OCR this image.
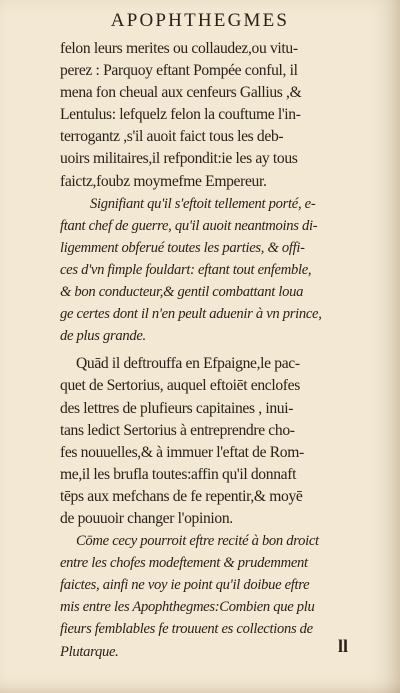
APOPHTHEGMES
felon leurs merites ou collaudez,ou vitu-
perez : Parquoy eftant Pompée conful, il
mena fon cheual aux cenfeurs Gallius ,&
Lentulus: lefquelz felon la couftume l'in-
terrogantz ,s'il auoit faict tous les deb-
uoirs militaires,il refpondit:ie les ay tous
faictz,foubz moymefme Empereur.
Signifiant qu'il s'eftoit tellement porté, e-
ftant chef de guerre, qu'il auoit neantmoins di-
ligemment obferué toutes les parties, & offi-
ces d'vn fimple fouldart: eftant tout enfemble,
& bon conducteur,& gentil combattant loua
ge certes dont il n'en peult aduenir à vn prince,
de plus grande.
Quād il deftrouffa en Efpaigne,le pac-
quet de Sertorius, auquel eftoiēt enclofes
des lettres de plufieurs capitaines , inui-
tans ledict Sertorius à entreprendre cho-
fes nouuelles,& à immuer l'eftat de Rom-
me,il les brufla toutes:affin qu'il donnaft
tēps aux mefchans de fe repentir,& moyē
de pouuoir changer l'opinion.
Cōme cecy pourroit eftre recité à bon droict
entre les chofes modeftement & prudemment
faictes, ainfi ne voy ie point qu'il doibue eftre
mis entre les Apophthegmes:Combien que plu
fieurs femblables fe trouuent es collections de
Plutarque.	ll
